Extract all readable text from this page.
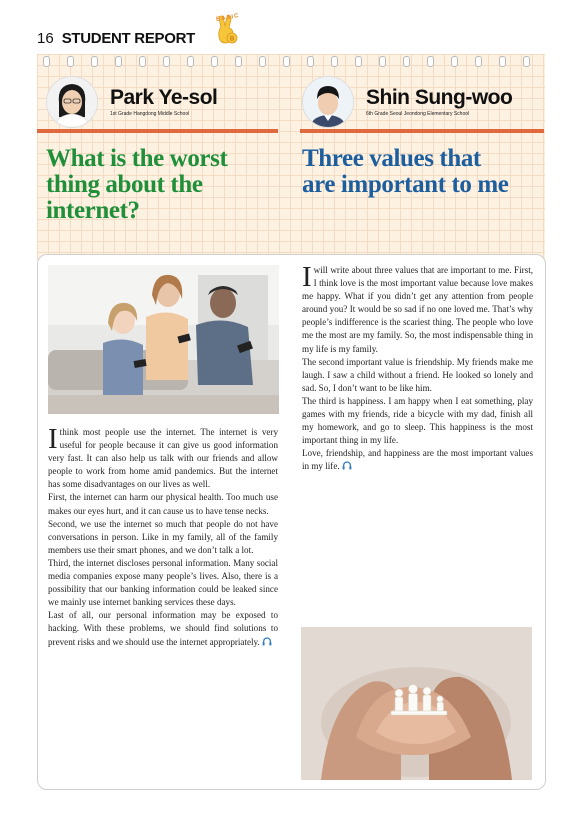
16 STUDENT REPORT
BASIC
B
Park Ye-sol
1st Grade Hangdong Middle School
Shin Sung-woo
6th Grade Seoul Jeondong Elementary School
What is the worst
thing about the
internet?
Three values that
are important to me

Ithink most people use the internet. The internet is very useful for people because it can give us good information very fast. It can also help us talk with our friends and allow people to work from home amid pandemics. But the internet has some disadvantages on our lives as well.

First, the internet can harm our physical health. Too much use makes our eyes hurt, and it can cause us to have tense necks.

Second, we use the internet so much that people do not have conversations in person. Like in my family, all of the family members use their smart phones, and we don’t talk a lot.

Third, the internet discloses personal information. Many social media companies expose many people’s lives. Also, there is a possibility that our banking information could be leaked since we mainly use internet banking services these days.

Last of all, our personal information may be exposed to hacking. With these problems, we should find solutions to prevent risks and we should use the internet appropriately.

Iwill write about three values that are important to me. First, I think love is the most important value because love makes me happy. What if you didn’t get any attention from people around you? It would be so sad if no one loved me. That’s why people’s indifference is the scariest thing. The people who love me the most are my family. So, the most indispensable thing in my life is my family.

The second important value is friendship. My friends make me laugh. I saw a child without a friend. He looked so lonely and sad. So, I don’t want to be like him.

The third is happiness. I am happy when I eat something, play games with my friends, ride a bicycle with my dad, finish all my homework, and go to sleep. This happiness is the most important thing in my life.

Love, friendship, and happiness are the most important values in my life.
